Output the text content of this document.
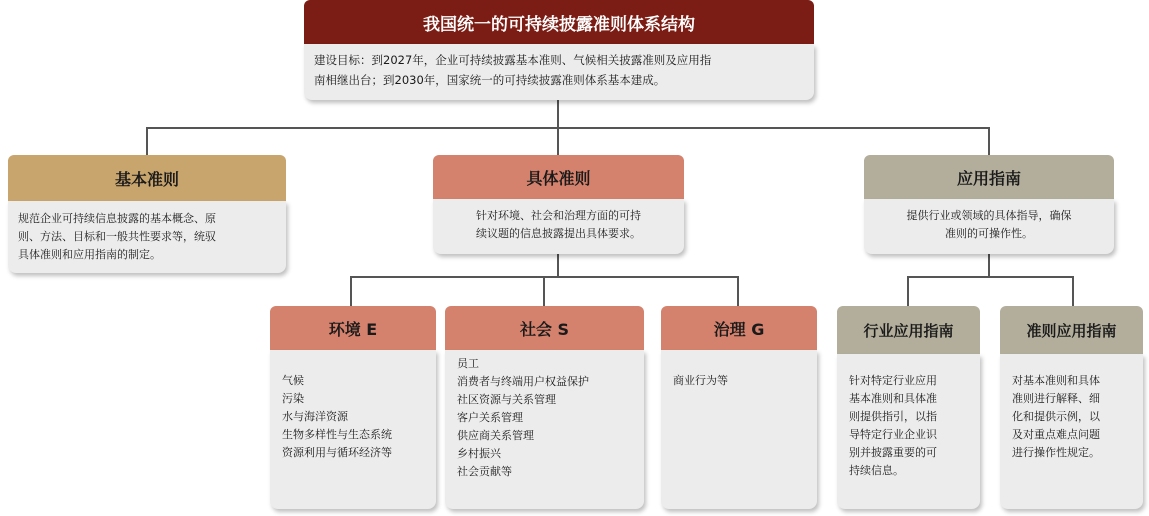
我国统一的可持续披露准则体系结构
建设目标：到2027年，企业可持续披露基本准则、气候相关披露准则及应用指
南相继出台；到2030年，国家统一的可持续披露准则体系基本建成。
基本准则
规范企业可持续信息披露的基本概念、原
则、方法、目标和一般共性要求等，统驭
具体准则和应用指南的制定。
具体准则
针对环境、社会和治理方面的可持
续议题的信息披露提出具体要求。
应用指南
提供行业或领域的具体指导，确保
准则的可操作性。
环境 E
气候
污染
水与海洋资源
生物多样性与生态系统
资源利用与循环经济等
社会 S
员工
消费者与终端用户权益保护
社区资源与关系管理
客户关系管理
供应商关系管理
乡村振兴
社会贡献等
治理 G
商业行为等
行业应用指南
针对特定行业应用
基本准则和具体准
则提供指引，以指
导特定行业企业识
别并披露重要的可
持续信息。
准则应用指南
对基本准则和具体
准则进行解释、细
化和提供示例，以
及对重点难点问题
进行操作性规定。
